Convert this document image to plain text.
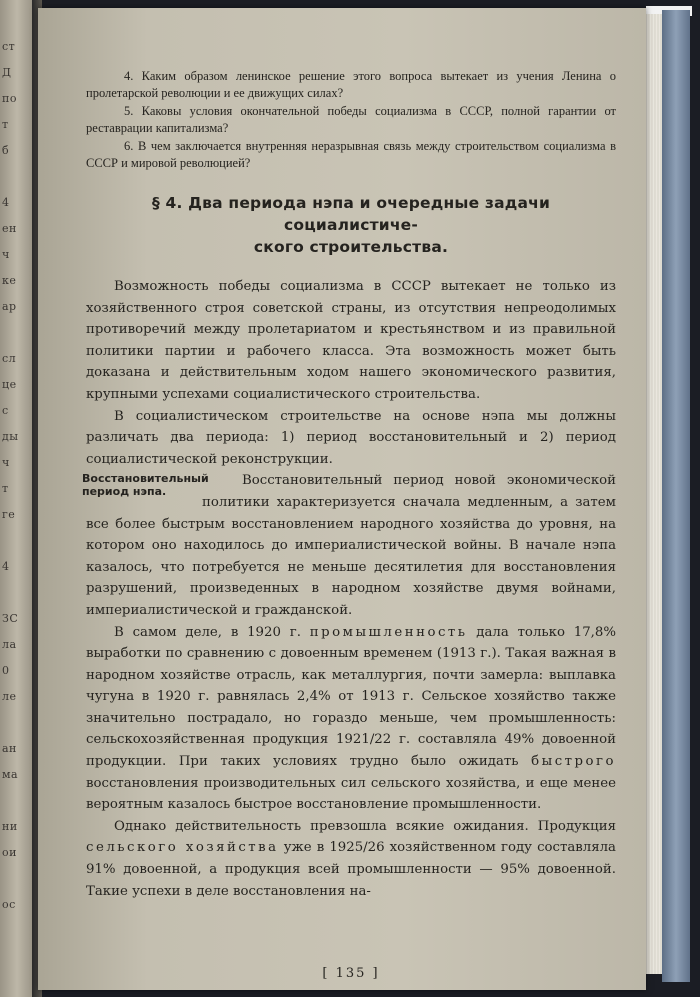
ст
Д
по
т
б
4
ен
ч
ке
ар
сл
це
с
ды
ч
т
ге
4
ЗС
ла
0
ле
ан
ма
ни
ои
ос

4. Каким образом ленинское решение этого вопроса вытекает из учения Ленина о пролетарской революции и ее движущих силах?

5. Каковы условия окончательной победы социализма в СССР, полной гарантии от реставрации капитализма?

6. В чем заключается внутренняя неразрывная связь между строительством социализма в СССР и мировой революцией?

§ 4. Два периода нэпа и очередные задачи социалистиче-
ского строительства.

Возможность победы социализма в СССР вытекает не только из хозяйственного строя советской страны, из отсутствия непреодолимых противоречий между пролетариатом и крестьянством и из правильной политики партии и рабочего класса. Эта возможность может быть доказана и действительным ходом нашего экономического развития, крупными успехами социалистического строительства.

В социалистическом строительстве на основе нэпа мы должны различать два периода: 1) период восстановительный и 2) период социалистической реконструкции.

Восстановительный период нэпа.
Восстановительный период новой экономической политики характеризуется сначала медленным, а затем все более быстрым восстановлением народного хозяйства до уровня, на котором оно находилось до империалистической войны. В начале нэпа казалось, что потребуется не меньше десятилетия для восстановления разрушений, произведенных в народном хозяйстве двумя войнами, империалистической и гражданской.

В самом деле, в 1920 г. промышленность дала только 17,8% выработки по сравнению с довоенным временем (1913 г.). Такая важная в народном хозяйстве отрасль, как металлургия, почти замерла: выплавка чугуна в 1920 г. равнялась 2,4% от 1913 г. Сельское хозяйство также значительно пострадало, но гораздо меньше, чем промышленность: сельскохозяйственная продукция 1921/22 г. составляла 49% довоенной продукции. При таких условиях трудно было ожидать быстрого восстановления производительных сил сельского хозяйства, и еще менее вероятным казалось быстрое восстановление промышленности.

Однако действительность превзошла всякие ожидания. Продукция сельского хозяйства уже в 1925/26 хозяйственном году составляла 91% довоенной, а продукция всей промышленности — 95% довоенной. Такие успехи в деле восстановления на-

[ 135 ]
